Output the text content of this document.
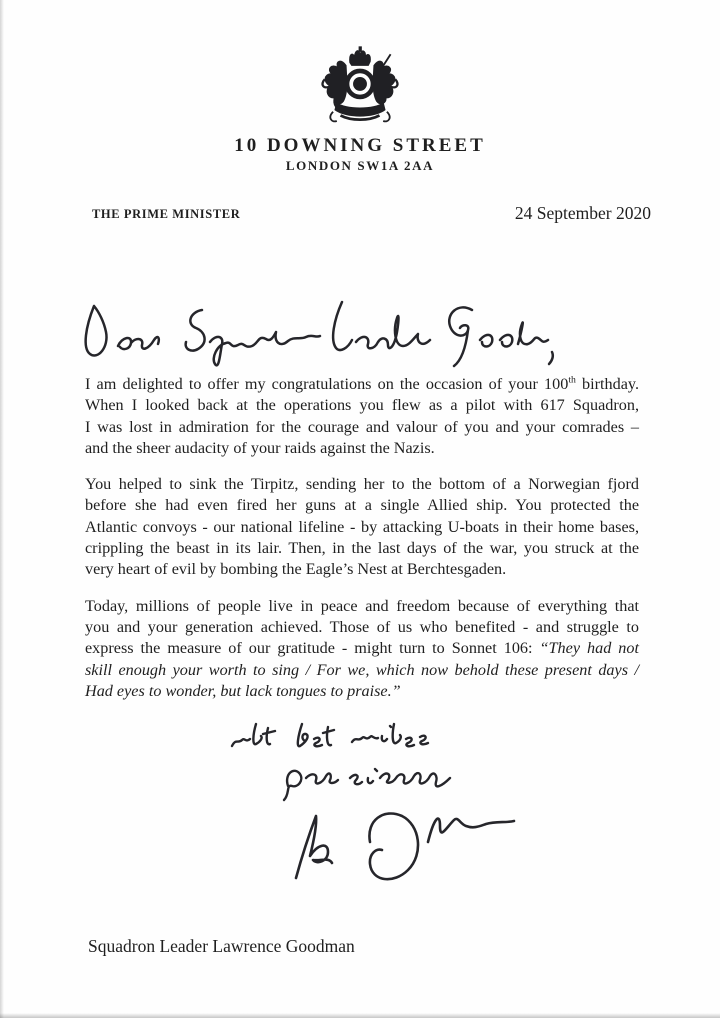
10 DOWNING STREET
LONDON SW1A 2AA
THE PRIME MINISTER	24 September 2020
I am delighted to offer my congratulations on the occasion of your 100th birthday.
When I looked back at the operations you flew as a pilot with 617 Squadron,
I was lost in admiration for the courage and valour of you and your comrades –
and the sheer audacity of your raids against the Nazis.
You helped to sink the Tirpitz, sending her to the bottom of a Norwegian fjord
before she had even fired her guns at a single Allied ship. You protected the
Atlantic convoys - our national lifeline - by attacking U-boats in their home bases,
crippling the beast in its lair. Then, in the last days of the war, you struck at the
very heart of evil by bombing the Eagle’s Nest at Berchtesgaden.
Today, millions of people live in peace and freedom because of everything that
you and your generation achieved. Those of us who benefited - and struggle to
express the measure of our gratitude - might turn to Sonnet 106: “They had not
skill enough your worth to sing / For we, which now behold these present days /
Had eyes to wonder, but lack tongues to praise.”
Squadron Leader Lawrence Goodman
